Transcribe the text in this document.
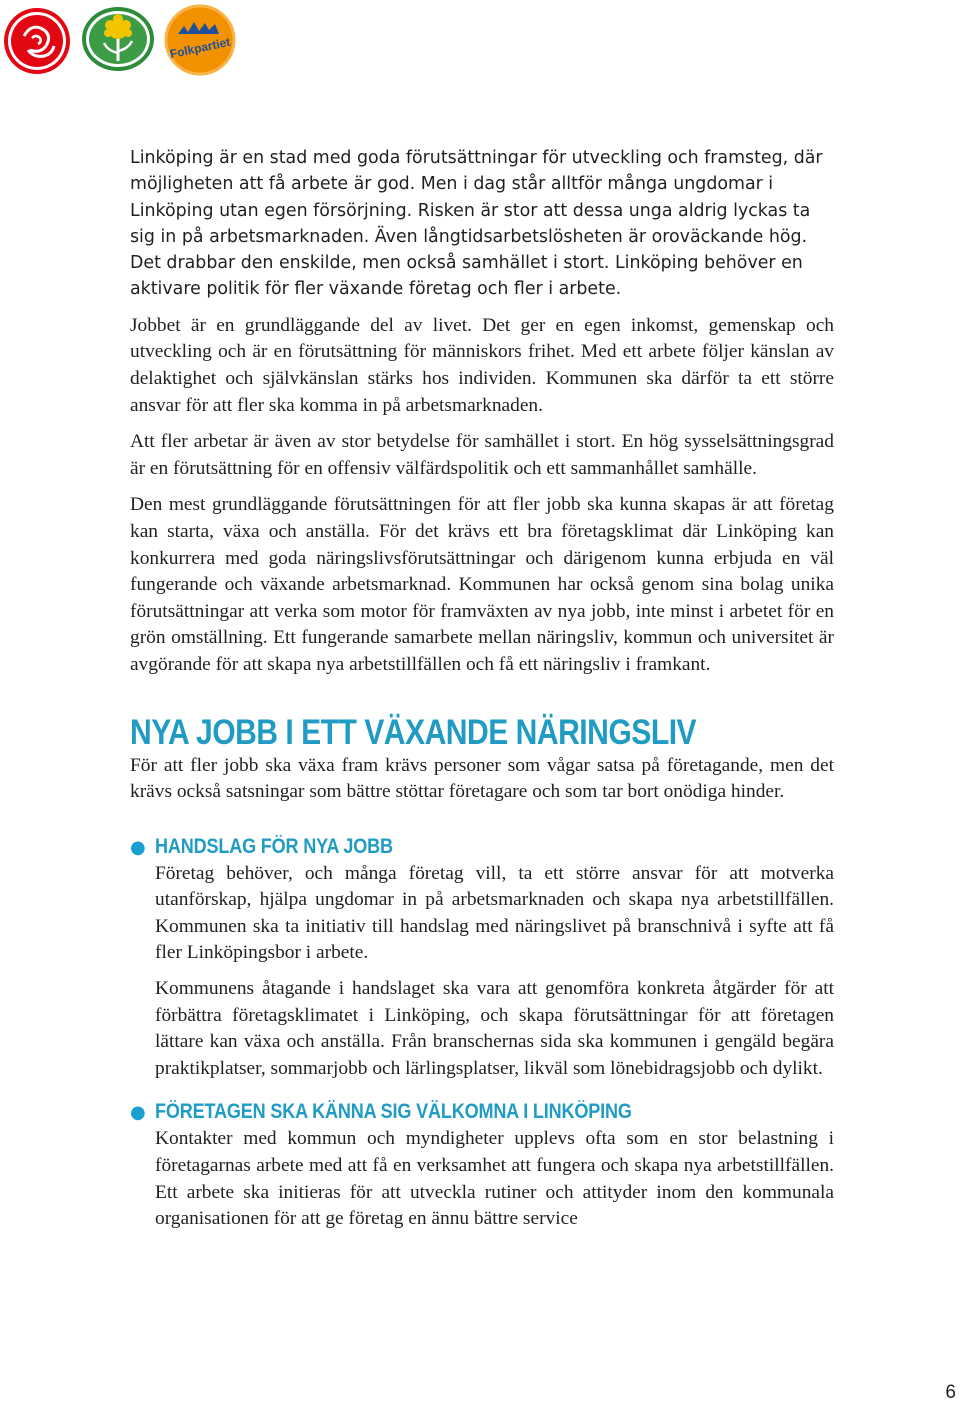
Folkpartiet

Linköping är en stad med goda förutsättningar för utveckling och framsteg, där möjligheten att få arbete är god. Men i dag står alltför många ungdomar i Linköping utan egen försörjning. Risken är stor att dessa unga aldrig lyckas ta sig in på arbetsmarknaden. Även långtidsarbetslösheten är oroväckande hög. Det drabbar den enskilde, men också samhället i stort. Linköping behöver en aktivare politik för fler växande företag och fler i arbete.

Jobbet är en grundläggande del av livet. Det ger en egen inkomst, gemenskap och utveckling och är en förutsättning för människors frihet. Med ett arbete följer känslan av delaktighet och självkänslan stärks hos individen. Kommunen ska därför ta ett större ansvar för att fler ska komma in på arbetsmarknaden.

Att fler arbetar är även av stor betydelse för samhället i stort. En hög sysselsättningsgrad är en förutsättning för en offensiv välfärdspolitik och ett sammanhållet samhälle.

Den mest grundläggande förutsättningen för att fler jobb ska kunna skapas är att företag kan starta, växa och anställa. För det krävs ett bra företagsklimat där Linköping kan konkurrera med goda näringslivsförutsättningar och därigenom kunna erbjuda en väl fungerande och växande arbetsmarknad. Kommunen har också genom sina bolag unika förutsättningar att verka som motor för framväxten av nya jobb, inte minst i arbetet för en grön omställning. Ett fungerande samarbete mellan näringsliv, kommun och universitet är avgörande för att skapa nya arbetstillfällen och få ett näringsliv i framkant.

NYA JOBB I ETT VÄXANDE NÄRINGSLIV

För att fler jobb ska växa fram krävs personer som vågar satsa på företagande, men det krävs också satsningar som bättre stöttar företagare och som tar bort onödiga hinder.

● HANDSLAG FÖR NYA JOBB

Företag behöver, och många företag vill, ta ett större ansvar för att motverka utanförskap, hjälpa ungdomar in på arbetsmarknaden och skapa nya arbetstillfällen. Kommunen ska ta initiativ till handslag med näringslivet på branschnivå i syfte att få fler Linköpingsbor i arbete.

Kommunens åtagande i handslaget ska vara att genomföra konkreta åtgärder för att förbättra företagsklimatet i Linköping, och skapa förutsättningar för att företagen lättare kan växa och anställa. Från branschernas sida ska kommunen i gengäld begära praktikplatser, sommarjobb och lärlingsplatser, likväl som lönebidragsjobb och dylikt.

● FÖRETAGEN SKA KÄNNA SIG VÄLKOMNA I LINKÖPING

Kontakter med kommun och myndigheter upplevs ofta som en stor belastning i företagarnas arbete med att få en verksamhet att fungera och skapa nya arbetstillfällen. Ett arbete ska initieras för att utveckla rutiner och attityder inom den kommunala organisationen för att ge företag en ännu bättre service

6
